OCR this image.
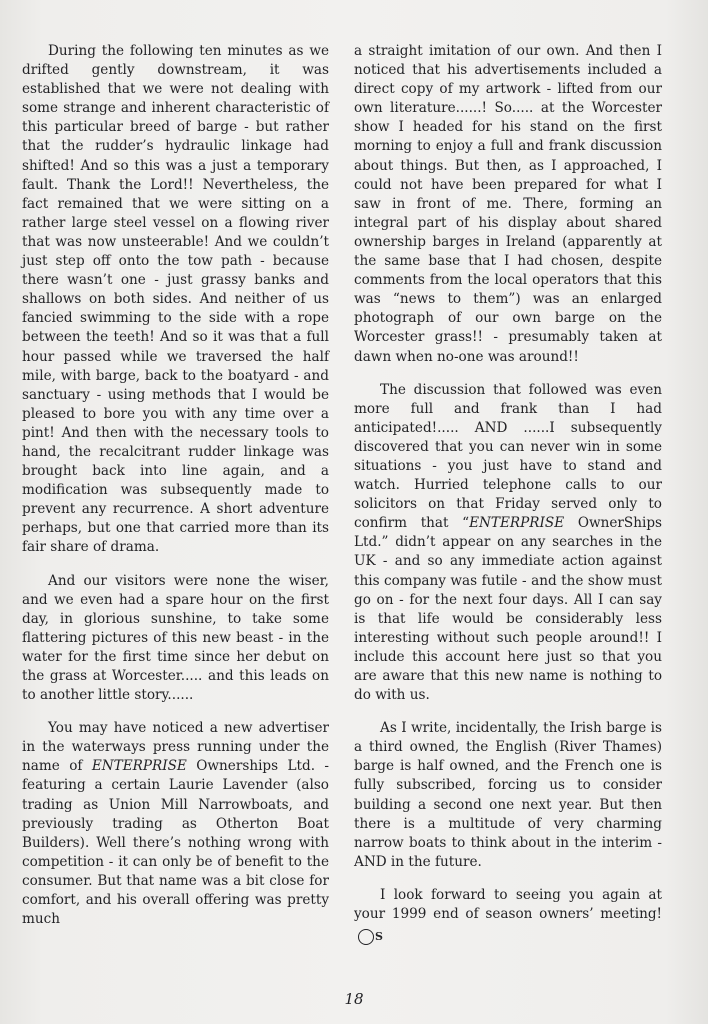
During the following ten minutes as we drifted gently downstream, it was established that we were not dealing with some strange and inherent characteristic of this particular breed of barge - but rather that the rudder’s hydraulic linkage had shifted! And so this was a just a temporary fault. Thank the Lord!! Nevertheless, the fact remained that we were sitting on a rather large steel vessel on a flowing river that was now unsteerable! And we couldn’t just step off onto the tow path - because there wasn’t one - just grassy banks and shallows on both sides. And neither of us fancied swimming to the side with a rope between the teeth! And so it was that a full hour passed while we traversed the half mile, with barge, back to the boatyard - and sanctuary - using methods that I would be pleased to bore you with any time over a pint! And then with the necessary tools to hand, the recalcitrant rudder linkage was brought back into line again, and a modification was subsequently made to prevent any recurrence. A short adventure perhaps, but one that carried more than its fair share of drama.

And our visitors were none the wiser, and we even had a spare hour on the first day, in glorious sunshine, to take some flattering pictures of this new beast - in the water for the first time since her debut on the grass at Worcester..... and this leads on to another little story......

You may have noticed a new advertiser in the waterways press running under the name of ENTERPRISE Ownerships Ltd. - featuring a certain Laurie Lavender (also trading as Union Mill Narrowboats, and previously trading as Otherton Boat Builders). Well there’s nothing wrong with competition - it can only be of benefit to the consumer. But that name was a bit close for comfort, and his overall offering was pretty much

a straight imitation of our own. And then I noticed that his advertisements included a direct copy of my artwork - lifted from our own literature......! So..... at the Worcester show I headed for his stand on the first morning to enjoy a full and frank discussion about things. But then, as I approached, I could not have been prepared for what I saw in front of me. There, forming an integral part of his display about shared ownership barges in Ireland (apparently at the same base that I had chosen, despite comments from the local operators that this was “news to them”) was an enlarged photograph of our own barge on the Worcester grass!! - presumably taken at dawn when no-one was around!!

The discussion that followed was even more full and frank than I had anticipated!..... AND ......I subsequently discovered that you can never win in some situations - you just have to stand and watch. Hurried telephone calls to our solicitors on that Friday served only to confirm that “ENTERPRISE OwnerShips Ltd.” didn’t appear on any searches in the UK - and so any immediate action against this company was futile - and the show must go on - for the next four days. All I can say is that life would be considerably less interesting without such people around!! I include this account here just so that you are aware that this new name is nothing to do with us.

As I write, incidentally, the Irish barge is a third owned, the English (River Thames) barge is half owned, and the French one is fully subscribed, forcing us to consider building a second one next year. But then there is a multitude of very charming narrow boats to think about in the interim - AND in the future.

I look forward to seeing you again at your 1999 end of season owners’ meeting!S

18
